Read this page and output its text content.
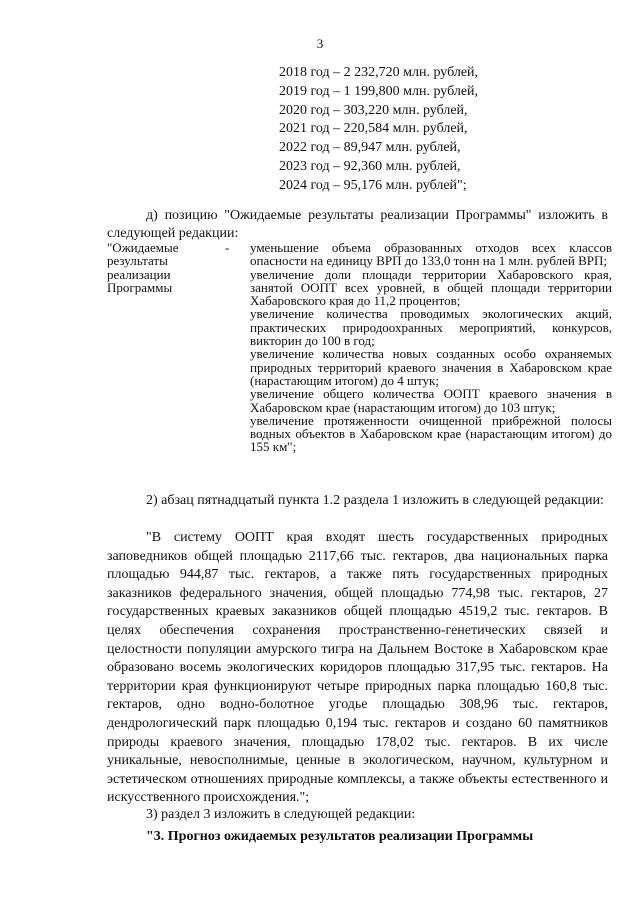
3
2018 год – 2 232,720 млн. рублей,
2019 год – 1 199,800 млн. рублей,
2020 год – 303,220 млн. рублей,
2021 год – 220,584 млн. рублей,
2022 год – 89,947 млн. рублей,
2023 год – 92,360 млн. рублей,
2024 год – 95,176 млн. рублей";
д) позицию "Ожидаемые результаты реализации Программы" изложить в следующей редакции:
"Ожидаемые результаты реализации Программы
- уменьшение объема образованных отходов всех классов опасности на единицу ВРП до 133,0 тонн на 1 млн. рублей ВРП;

увеличение доли площади территории Хабаровского края, занятой ООПТ всех уровней, в общей площади территории Хабаровского края до 11,2 процентов;

увеличение количества проводимых экологических акций, практических природоохранных мероприятий, конкурсов, викторин до 100 в год;

увеличение количества новых созданных особо охраняемых природных территорий краевого значения в Хабаровском крае (нарастающим итогом) до 4 штук;

увеличение общего количества ООПТ краевого значения в Хабаровском крае (нарастающим итогом) до 103 штук;

увеличение протяженности очищенной прибрежной полосы водных объектов в Хабаровском крае (нарастающим итогом) до 155 км";

2) абзац пятнадцатый пункта 1.2 раздела 1 изложить в следующей редакции:
"В систему ООПТ края входят шесть государственных природных заповедников общей площадью 2117,66 тыс. гектаров, два национальных парка площадью 944,87 тыс. гектаров, а также пять государственных природных заказников федерального значения, общей площадью 774,98 тыс. гектаров, 27 государственных краевых заказников общей площадью 4519,2 тыс. гектаров. В целях обеспечения сохранения пространственно-генетических связей и целостности популяции амурского тигра на Дальнем Востоке в Хабаровском крае образовано восемь экологических коридоров площадью 317,95 тыс. гектаров. На территории края функционируют четыре природных парка площадью 160,8 тыс. гектаров, одно водно-болотное угодье площадью 308,96 тыс. гектаров, дендрологический парк площадью 0,194 тыс. гектаров и создано 60 памятников природы краевого значения, площадью 178,02 тыс. гектаров. В их числе уникальные, невосполнимые, ценные в экологическом, научном, культурном и эстетическом отношениях природные комплексы, а также объекты естественного и искусственного происхождения.";
3) раздел 3 изложить в следующей редакции:
"3. Прогноз ожидаемых результатов реализации Программы
